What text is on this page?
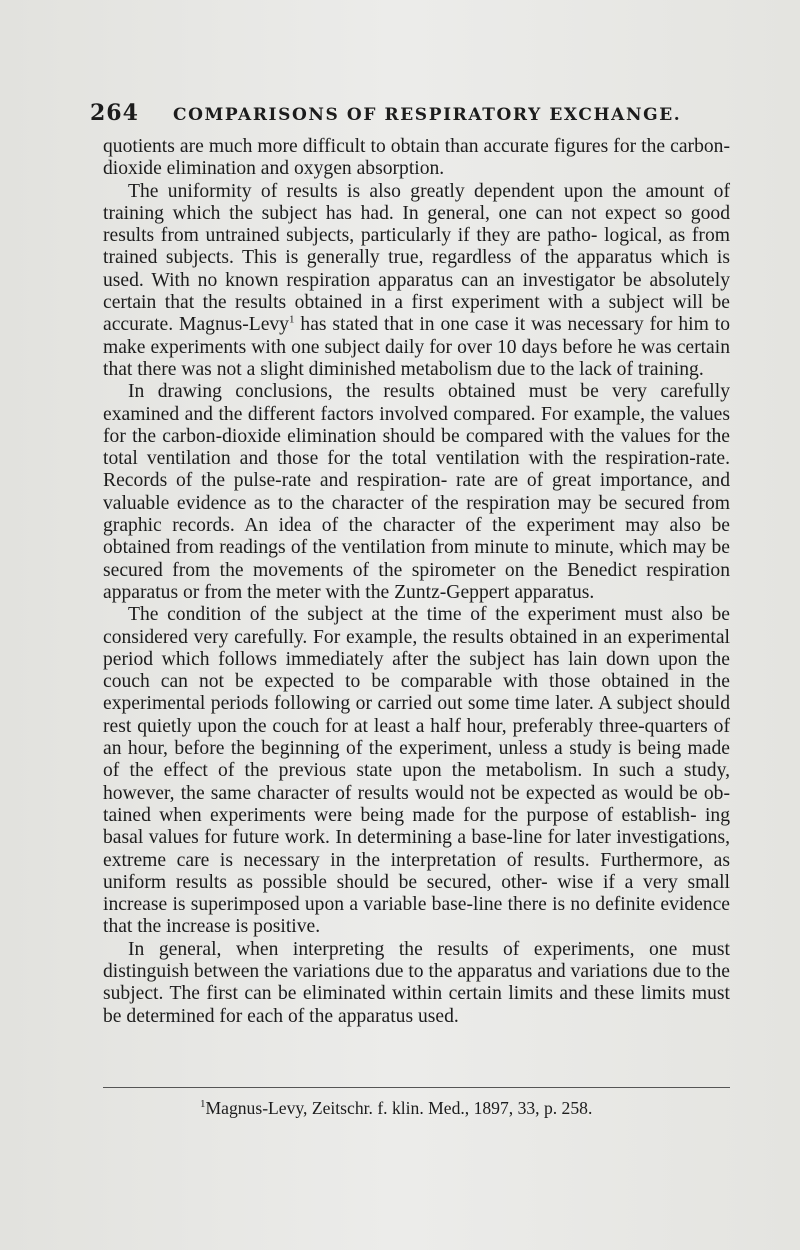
264 COMPARISONS OF RESPIRATORY EXCHANGE.

quotients are much more difficult to obtain than accurate figures for the carbon-dioxide elimination and oxygen absorption.

The uniformity of results is also greatly dependent upon the amount of training which the subject has had. In general, one can not expect so good results from untrained subjects, particularly if they are patho- logical, as from trained subjects. This is generally true, regardless of the apparatus which is used. With no known respiration apparatus can an investigator be absolutely certain that the results obtained in a first experiment with a subject will be accurate. Magnus-Levy$^1$ has stated that in one case it was necessary for him to make experiments with one subject daily for over 10 days before he was certain that there was not a slight diminished metabolism due to the lack of training.

In drawing conclusions, the results obtained must be very carefully examined and the different factors involved compared. For example, the values for the carbon-dioxide elimination should be compared with the values for the total ventilation and those for the total ventilation with the respiration-rate. Records of the pulse-rate and respiration- rate are of great importance, and valuable evidence as to the character of the respiration may be secured from graphic records. An idea of the character of the experiment may also be obtained from readings of the ventilation from minute to minute, which may be secured from the movements of the spirometer on the Benedict respiration apparatus or from the meter with the Zuntz-Geppert apparatus.

The condition of the subject at the time of the experiment must also be considered very carefully. For example, the results obtained in an experimental period which follows immediately after the subject has lain down upon the couch can not be expected to be comparable with those obtained in the experimental periods following or carried out some time later. A subject should rest quietly upon the couch for at least a half hour, preferably three-quarters of an hour, before the beginning of the experiment, unless a study is being made of the effect of the previous state upon the metabolism. In such a study, however, the same character of results would not be expected as would be ob- tained when experiments were being made for the purpose of establish- ing basal values for future work. In determining a base-line for later investigations, extreme care is necessary in the interpretation of results. Furthermore, as uniform results as possible should be secured, other- wise if a very small increase is superimposed upon a variable base-line there is no definite evidence that the increase is positive.

In general, when interpreting the results of experiments, one must distinguish between the variations due to the apparatus and variations due to the subject. The first can be eliminated within certain limits and these limits must be determined for each of the apparatus used.

$^1$Magnus-Levy, Zeitschr. f. klin. Med., 1897, 33, p. 258.
